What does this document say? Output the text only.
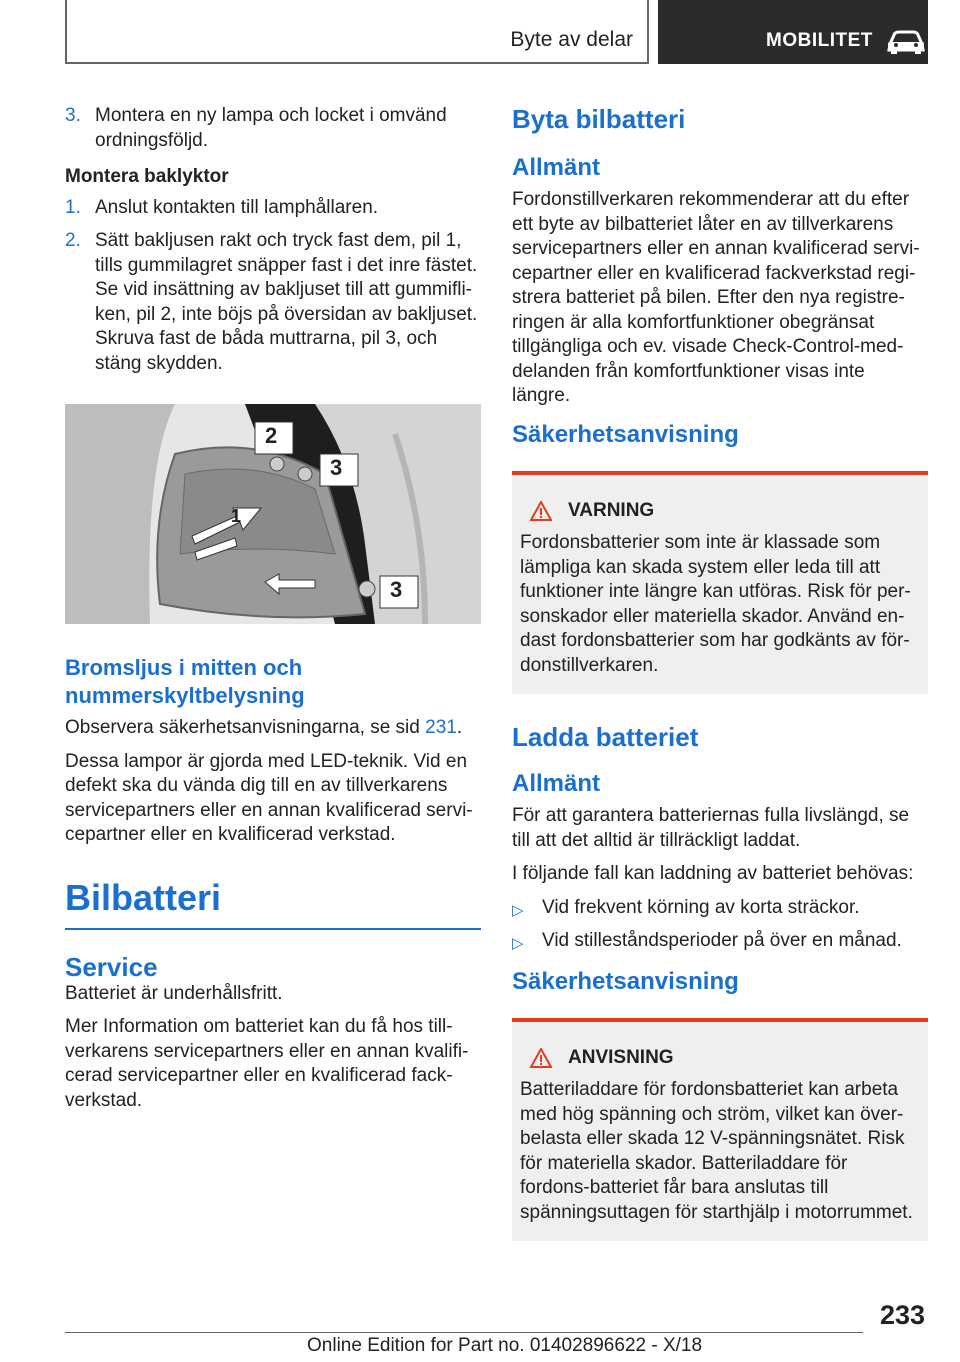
Byte av delar	MOBILITET
3. Montera en ny lampa och locket i omvänd ordningsföljd.
Montera baklyktor
1. Anslut kontakten till lamphållaren.
2. Sätt bakljusen rakt och tryck fast dem, pil 1, tills gummilagret snäpper fast i det inre fästet. Se vid insättning av bakljuset till att gummifli-ken, pil 2, inte böjs på översidan av bakljuset. Skruva fast de båda muttrarna, pil 3, och stäng skydden.
2
3
1
3
Bromsljus i mitten och nummerskyltbelysning

Observera säkerhetsanvisningarna, se sid 231.

Dessa lampor är gjorda med LED-teknik. Vid en defekt ska du vända dig till en av tillverkarens servicepartners eller en annan kvalificerad servi-cepartner eller en kvalificerad verkstad.

Bilbatteri
Service

Batteriet är underhållsfritt.

Mer Information om batteriet kan du få hos till-verkarens servicepartners eller en annan kvalifi-cerad servicepartner eller en kvalificerad fack-verkstad.

Byta bilbatteri
Allmänt

Fordonstillverkaren rekommenderar att du efter ett byte av bilbatteriet låter en av tillverkarens servicepartners eller en annan kvalificerad servi-cepartner eller en kvalificerad fackverkstad regi-strera batteriet på bilen. Efter den nya registre-ringen är alla komfortfunktioner obegränsat tillgängliga och ev. visade Check-Control-med-delanden från komfortfunktioner visas inte längre.

Säkerhetsanvisning
VARNING
Fordonsbatterier som inte är klassade som lämpliga kan skada system eller leda till att funktioner inte längre kan utföras. Risk för per-sonskador eller materiella skador. Använd en-dast fordonsbatterier som har godkänts av för-donstillverkaren.
Ladda batteriet
Allmänt

För att garantera batteriernas fulla livslängd, se till att det alltid är tillräckligt laddat.

I följande fall kan laddning av batteriet behövas:

▷ Vid frekvent körning av korta sträckor.
▷ Vid stilleståndsperioder på över en månad.
Säkerhetsanvisning
ANVISNING
Batteriladdare för fordonsbatteriet kan arbeta med hög spänning och ström, vilket kan över-belasta eller skada 12 V-spänningsnätet. Risk för materiella skador. Batteriladdare för fordons-batteriet får bara anslutas till spänningsuttagen för starthjälp i motorrummet.
233
Online Edition for Part no. 01402896622 - X/18
